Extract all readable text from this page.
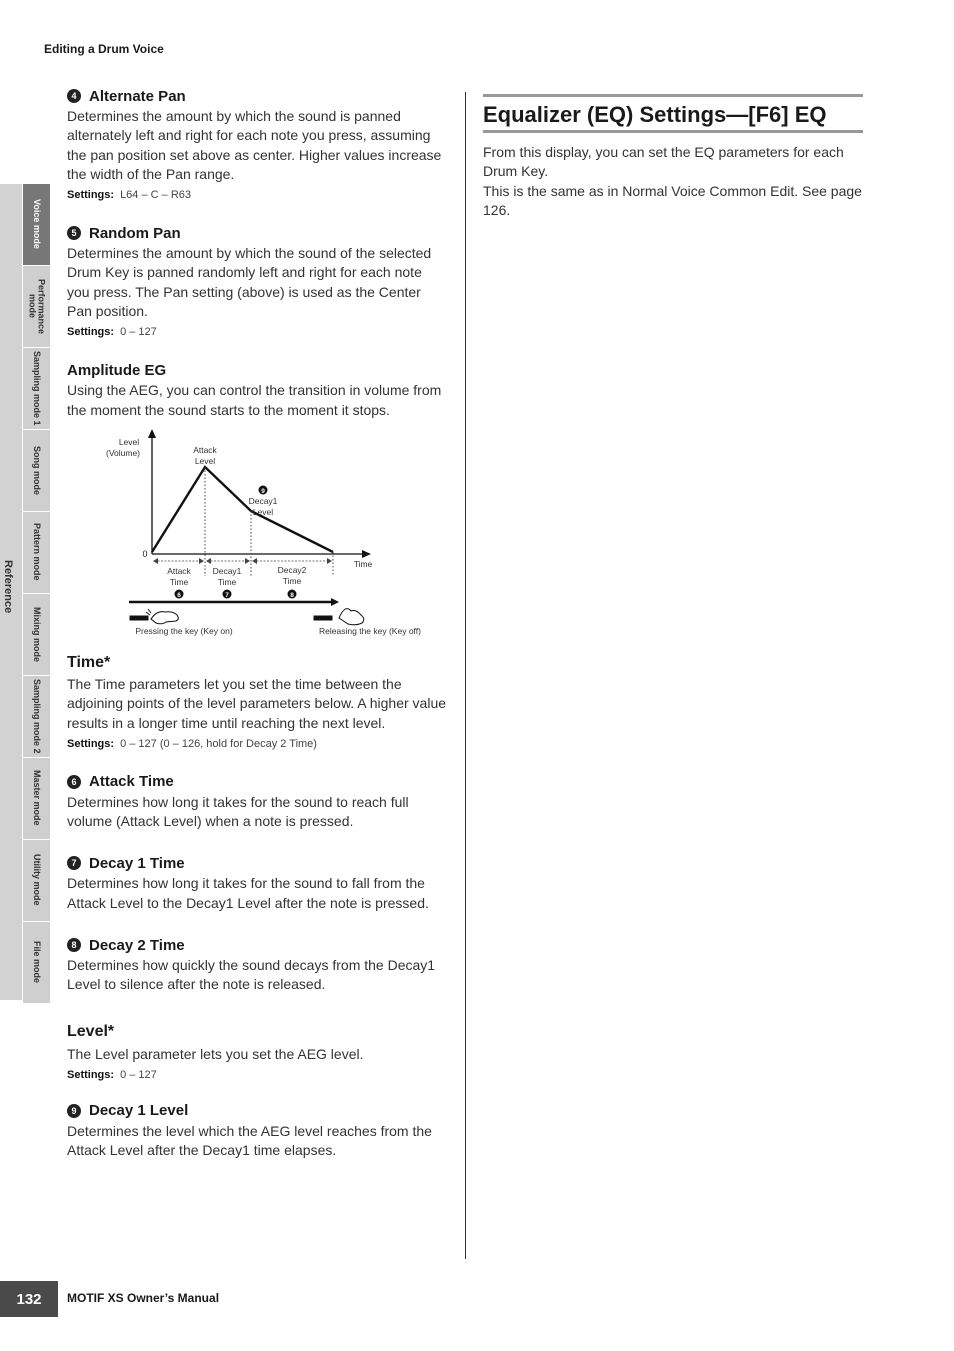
Editing a Drum Voice
Reference
Voice mode
Performance mode
Sampling mode 1
Song mode
Pattern mode
Mixing mode
Sampling mode 2
Master mode
Utility mode
File mode
4 Alternate Pan

Determines the amount by which the sound is panned alternately left and right for each note you press, assuming the pan position set above as center. Higher values increase the width of the Pan range.

Settings: L64 – C – R63
5 Random Pan

Determines the amount by which the sound of the selected Drum Key is panned randomly left and right for each note you press. The Pan setting (above) is used as the Center Pan position.

Settings: 0 – 127
Amplitude EG

Using the AEG, you can control the transition in volume from the moment the sound starts to the moment it stops.

Level
(Volume)	Attack
Level
9
Decay1
Level
0
Time
Attack
Time
6
Decay1
Time
7
Decay2
Time
8
Pressing the key (Key on)	Releasing the key (Key off)
Time*

The Time parameters let you set the time between the adjoining points of the level parameters below. A higher value results in a longer time until reaching the next level.

Settings: 0 – 127 (0 – 126, hold for Decay 2 Time)
6 Attack Time

Determines how long it takes for the sound to reach full volume (Attack Level) when a note is pressed.

7 Decay 1 Time

Determines how long it takes for the sound to fall from the Attack Level to the Decay1 Level after the note is pressed.

8 Decay 2 Time

Determines how quickly the sound decays from the Decay1 Level to silence after the note is released.

Level*

The Level parameter lets you set the AEG level.

Settings: 0 – 127
9 Decay 1 Level

Determines the level which the AEG level reaches from the Attack Level after the Decay1 time elapses.

Equalizer (EQ) Settings—[F6] EQ

From this display, you can set the EQ parameters for each Drum Key.
This is the same as in Normal Voice Common Edit. See page 126.

132	MOTIF XS Owner’s Manual
